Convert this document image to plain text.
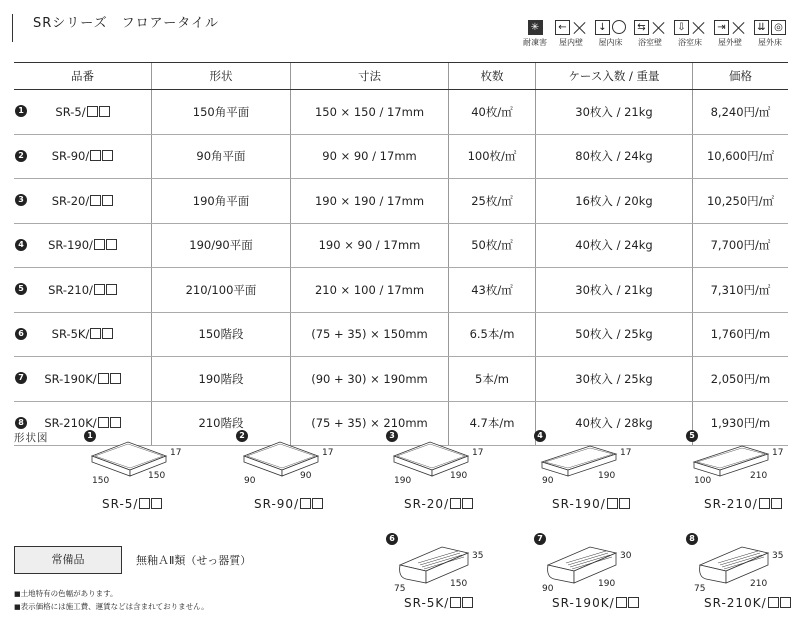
SRシリーズ　フロアータイル	✳
耐凍害
←
屋内壁
↓
屋内床
⇆
浴室壁
⇩
浴室床
⇥
屋外壁
⇊ ◎
屋外床
品番	形状	寸法	枚数	ケース入数 / 重量	価格

1 SR-5/	150角平面	150 × 150 / 17mm	40枚/㎡	30枚入 / 21kg	8,240円/㎡

2 SR-90/	90角平面	90 × 90 / 17mm	100枚/㎡	80枚入 / 24kg	10,600円/㎡

3 SR-20/	190角平面	190 × 190 / 17mm	25枚/㎡	16枚入 / 20kg	10,250円/㎡

4 SR-190/	190/90平面	190 × 90 / 17mm	50枚/㎡	40枚入 / 24kg	7,700円/㎡

5 SR-210/	210/100平面	210 × 100 / 17mm	43枚/㎡	30枚入 / 21kg	7,310円/㎡

6 SR-5K/	150階段	(75 + 35) × 150mm	6.5本/m	50枚入 / 25kg	1,760円/m

7 SR-190K/	190階段	(90 + 30) × 190mm	5本/m	30枚入 / 25kg	2,050円/m

8 SR-210K/	210階段	(75 + 35) × 210mm	4.7本/m	40枚入 / 28kg	1,930円/m
形状図	1
17
150	150
SR-5/
2
17
90	90
SR-90/
3
17
190	190
SR-20/
4
17
90	190
SR-190/
5
17
100	210
SR-210/
6
35
75	150
SR-5K/
7
30
90	190
SR-190K/
8
35
75	210
SR-210K/
常備品	無釉ＡⅡ類（せっ器質）
■ 土地特有の色幅があります。
■ 表示価格には施工費、運賃などは含まれておりません。
